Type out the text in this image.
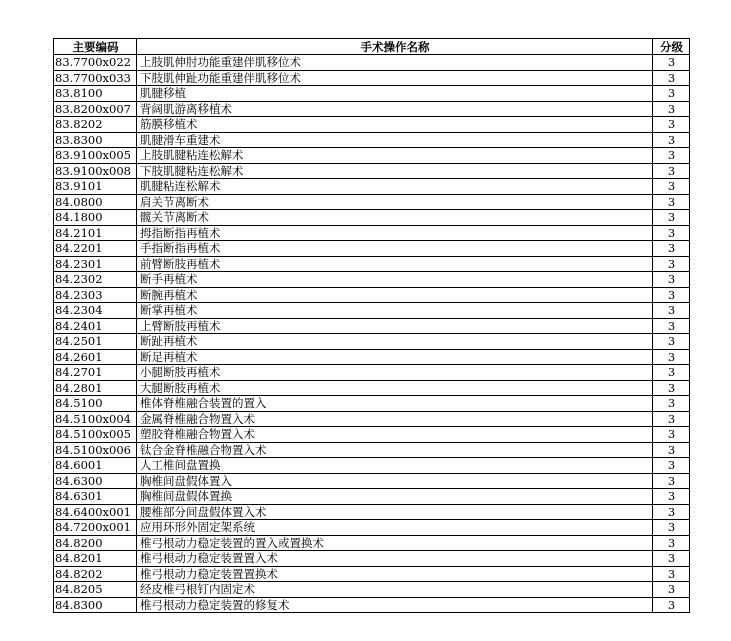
主要编码	手术操作名称	分级
83.7700x022	上肢肌伸肘功能重建伴肌移位术	3
83.7700x033	下肢肌伸趾功能重建伴肌移位术	3
83.8100	肌腱移植	3
83.8200x007	背阔肌游离移植术	3
83.8202	筋膜移植术	3
83.8300	肌腱滑车重建术	3
83.9100x005	上肢肌腱粘连松解术	3
83.9100x008	下肢肌腱粘连松解术	3
83.9101	肌腱粘连松解术	3
84.0800	肩关节离断术	3
84.1800	髋关节离断术	3
84.2101	拇指断指再植术	3
84.2201	手指断指再植术	3
84.2301	前臂断肢再植术	3
84.2302	断手再植术	3
84.2303	断腕再植术	3
84.2304	断掌再植术	3
84.2401	上臂断肢再植术	3
84.2501	断趾再植术	3
84.2601	断足再植术	3
84.2701	小腿断肢再植术	3
84.2801	大腿断肢再植术	3
84.5100	椎体脊椎融合装置的置入	3
84.5100x004	金属脊椎融合物置入术	3
84.5100x005	塑胶脊椎融合物置入术	3
84.5100x006	钛合金脊椎融合物置入术	3
84.6001	人工椎间盘置换	3
84.6300	胸椎间盘假体置入	3
84.6301	胸椎间盘假体置换	3
84.6400x001	腰椎部分间盘假体置入术	3
84.7200x001	应用环形外固定架系统	3
84.8200	椎弓根动力稳定装置的置入或置换术	3
84.8201	椎弓根动力稳定装置置入术	3
84.8202	椎弓根动力稳定装置置换术	3
84.8205	经皮椎弓根钉内固定术	3
84.8300	椎弓根动力稳定装置的修复术	3
